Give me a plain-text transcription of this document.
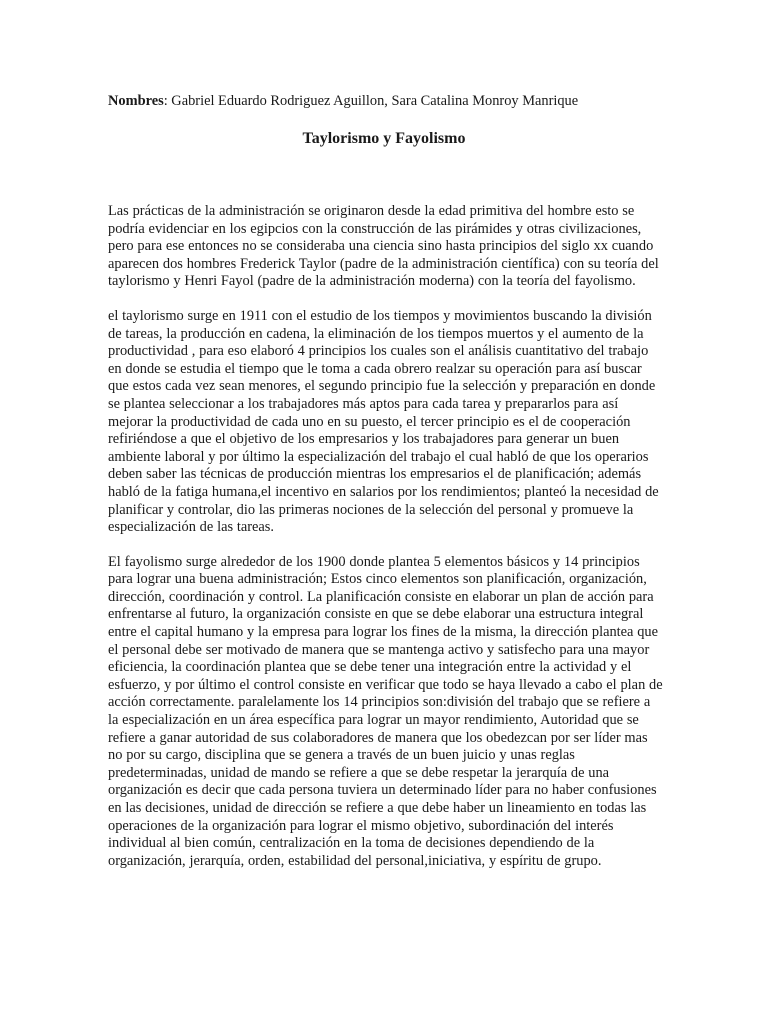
Nombres: Gabriel Eduardo Rodriguez Aguillon, Sara Catalina Monroy Manrique
Taylorismo y Fayolismo

Las prácticas de la administración se originaron desde la edad primitiva del hombre esto se podría evidenciar en los egipcios con la construcción de las pirámides y otras civilizaciones, pero para ese entonces no se consideraba una ciencia sino hasta principios del siglo xx cuando aparecen dos hombres Frederick Taylor (padre de la administración científica) con su teoría del taylorismo y Henri Fayol (padre de la administración moderna) con la teoría del fayolismo.

el taylorismo surge en 1911 con el estudio de los tiempos y movimientos buscando la división de tareas, la producción en cadena, la eliminación de los tiempos muertos y el aumento de la productividad , para eso elaboró 4 principios los cuales son el análisis cuantitativo del trabajo en donde se estudia el tiempo que le toma a cada obrero realzar su operación para así buscar que estos cada vez sean menores, el segundo principio fue la selección y preparación en donde se plantea seleccionar a los trabajadores más aptos para cada tarea y prepararlos para así mejorar la productividad de cada uno en su puesto, el tercer principio es el de cooperación refiriéndose a que el objetivo de los empresarios y los trabajadores para generar un buen ambiente laboral y por último la especialización del trabajo el cual habló de que los operarios deben saber las técnicas de producción mientras los empresarios el de planificación; además habló de la fatiga humana,el incentivo en salarios por los rendimientos; planteó la necesidad de planificar y controlar, dio las primeras nociones de la selección del personal y promueve la especialización de las tareas.

El fayolismo surge alrededor de los 1900 donde plantea 5 elementos básicos y 14 principios para lograr una buena administración; Estos cinco elementos son planificación, organización, dirección, coordinación y control. La planificación consiste en elaborar un plan de acción para enfrentarse al futuro, la organización consiste en que se debe elaborar una estructura integral entre el capital humano y la empresa para lograr los fines de la misma, la dirección plantea que el personal debe ser motivado de manera que se mantenga activo y satisfecho para una mayor eficiencia, la coordinación plantea que se debe tener una integración entre la actividad y el esfuerzo, y por último el control consiste en verificar que todo se haya llevado a cabo el plan de acción correctamente. paralelamente los 14 principios son:división del trabajo que se refiere a la especialización en un área específica para lograr un mayor rendimiento, Autoridad que se refiere a ganar autoridad de sus colaboradores de manera que los obedezcan por ser líder mas no por su cargo, disciplina que se genera a través de un buen juicio y unas reglas predeterminadas, unidad de mando se refiere a que se debe respetar la jerarquía de una organización es decir que cada persona tuviera un determinado líder para no haber confusiones en las decisiones, unidad de dirección se refiere a que debe haber un lineamiento en todas las operaciones de la organización para lograr el mismo objetivo, subordinación del interés individual al bien común, centralización en la toma de decisiones dependiendo de la organización, jerarquía, orden, estabilidad del personal,iniciativa, y espíritu de grupo.
